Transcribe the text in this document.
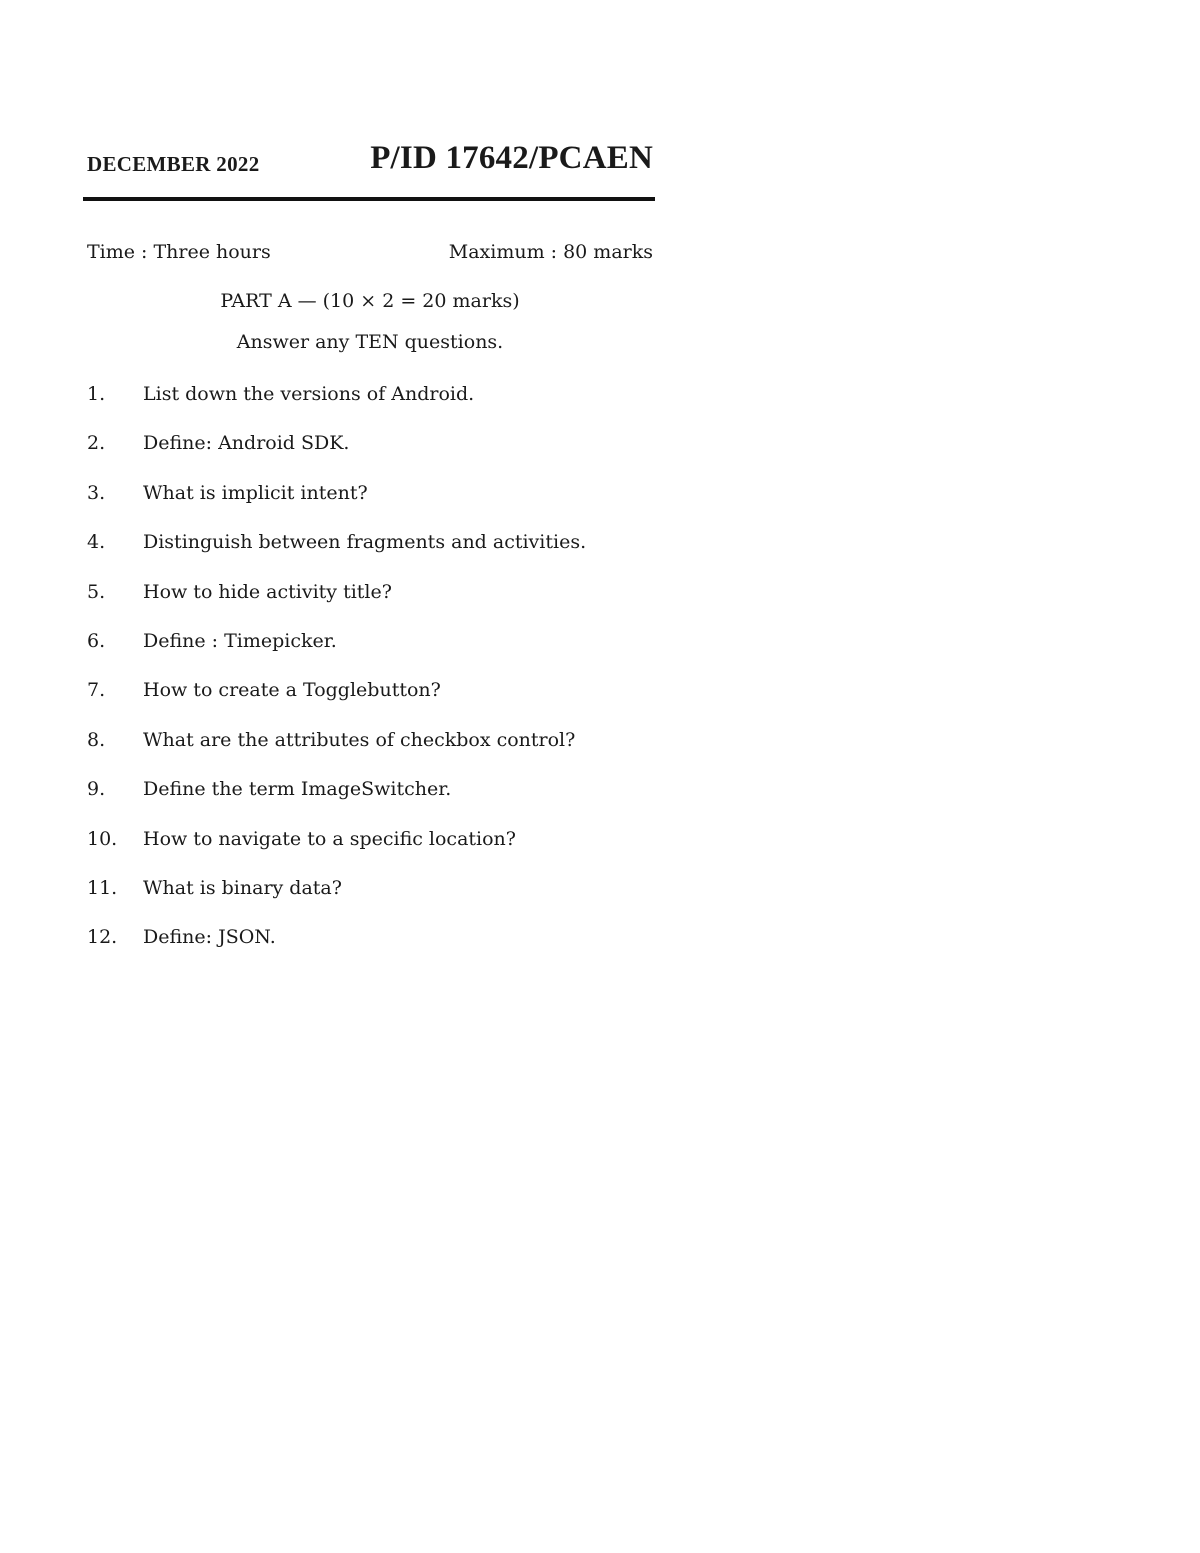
DECEMBER 2022	P/ID 17642/PCAEN
Time : Three hours	Maximum : 80 marks
PART A — (10 × 2 = 20 marks)
Answer any TEN questions.
1. List down the versions of Android.
2. Define: Android SDK.
3. What is implicit intent?
4. Distinguish between fragments and activities.
5. How to hide activity title?
6. Define : Timepicker.
7. How to create a Togglebutton?
8. What are the attributes of checkbox control?
9. Define the term ImageSwitcher.
10. How to navigate to a specific location?
11. What is binary data?
12. Define: JSON.
